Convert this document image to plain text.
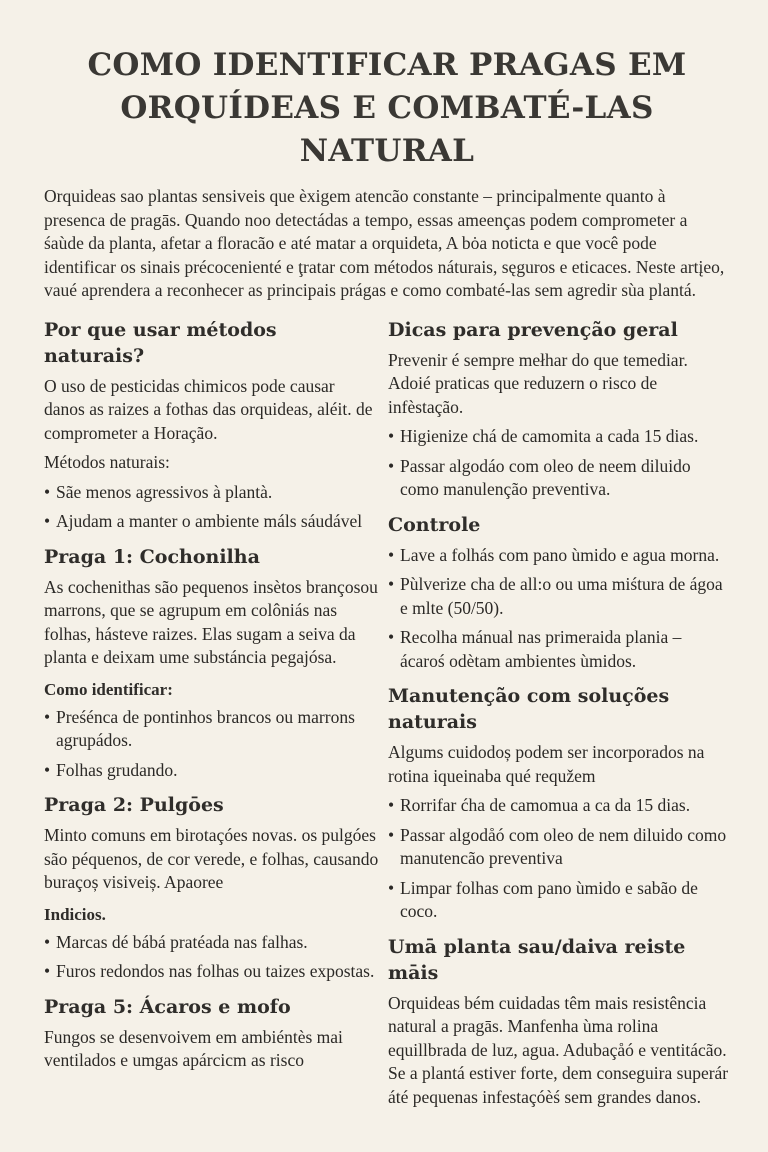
COMO IDENTIFICAR PRAGAS EM
ORQUÍDEAS E COMBATÉ-LAS NATURAL

Orquideas sao plantas sensiveis que èxigem atencão constante – principalmente quanto à presenca de pragās. Quando noo detectádas a tempo, essas ameenças podem comprometer a śaùde da planta, afetar a floracão e até matar a orquideta, A bȯa noticta e que você pode identificar os sinais précocenienté e ţratar com métodos náturais, sęguros e eticaces. Neste artįeo, vaué aprendera a reconhecer as principais prágas e como combaté-las sem agredir sùa plantá.

Por que usar métodos naturais?

O uso de pesticidas chimicos pode causar danos as raizes a fothas das orquideas, aléit. de comprometer a Horação.

Métodos naturais:

• Sãe menos agressivos à plantà.
• Ajudam a manter o ambiente máls sáudável
Praga 1: Cochonilha

As cochenithas são pequenos insètos brançosou marrons, que se agrupum em colôniás nas folhas, hásteve raizes. Elas sugam a seiva da planta e deixam ume substáncia pegajósa.

Como identificar:
• Preśénca de pontinhos brancos ou marrons agrupádos.
• Folhas grudando.
Praga 2: Pulgōes

Minto comuns em birotaçóes novas. os pulgóes são péquenos, de cor verede, e folhas, causando buraçoș visiveiș. Apaoree

Indicios.
• Marcas dé bábá pratéada nas falhas.
• Furos redondos nas folhas ou taizes expostas.
Praga 5: Ácaros e mofo

Fungos se desenvoivem em ambiéntès mai ventilados e umgas apárcicm as risco

Dicas para prevenção geral

Prevenir é sempre mełhar do que temediar. Adoié praticas que reduzern o risco de infèstação.

• Higienize chá de camomita a cada 15 dias.
• Passar algodáo com oleo de neem diluido como manulenção preventiva.
Controle
• Lave a folhás com pano ùmido e agua morna.
• Pùlverize cha de all:o ou uma miśtura de ágoa e mlte (50/50).
• Recolha mánual nas primeraida plania – ácaroś odètam ambientes ùmidos.
Manutenção com soluções naturais

Algums cuidodoș podem ser incorporados na rotina iqueinaba qué requžem

• Rorrifar ćha de camomua a ca da 15 dias.
• Passar algodåó com oleo de nem diluido como manutencão preventiva
• Limpar folhas com pano ùmido e sabão de coco.
Umā planta sau/daiva reiste māis

Orquideas bém cuidadas têm mais resistência natural a pragās. Manfenha ùma rolina equillbrada de luz, agua. Adubaçåó e ventitácão. Se a plantá estiver forte, dem conseguira superár áté pequenas infestaçóèś sem grandes danos.
